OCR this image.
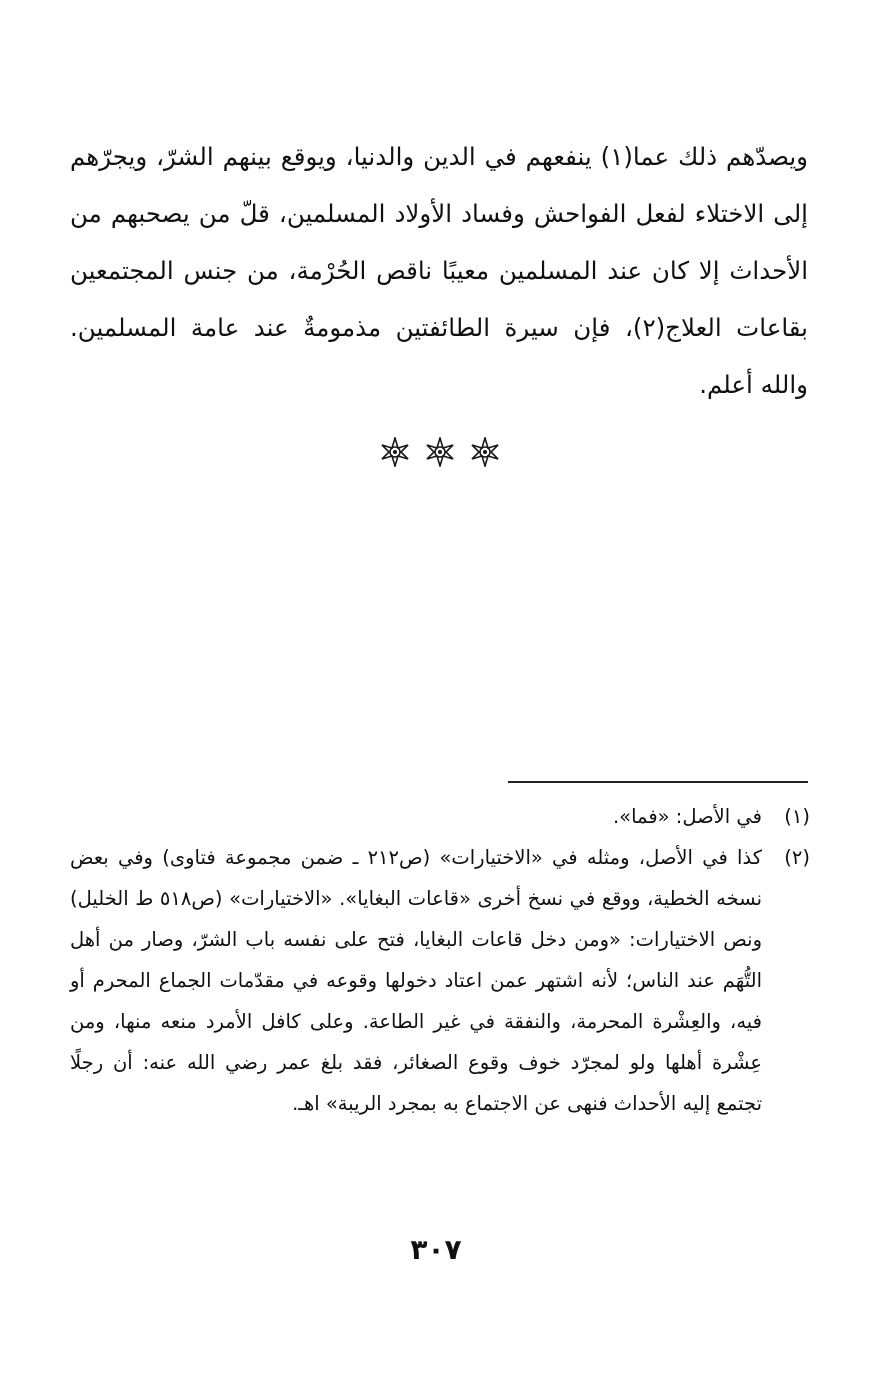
ويصدّهم ذلك عما(١) ينفعهم في الدين والدنيا، ويوقع بينهم الشرّ، ويجرّهم إلى الاختلاء لفعل الفواحش وفساد الأولاد المسلمين، قلّ من يصحبهم من الأحداث إلا كان عند المسلمين معيبًا ناقص الحُرْمة، من جنس المجتمعين بقاعات العلاج(٢)، فإن سيرة الطائفتين مذمومةٌ عند عامة المسلمين. والله أعلم.

(١)
في الأصل: «فما».
(٢)
كذا في الأصل، ومثله في «الاختيارات» (ص٢١٢ ـ ضمن مجموعة فتاوى) وفي بعض نسخه الخطية، ووقع في نسخ أخرى «قاعات البغايا». «الاختيارات» (ص٥١٨ ط الخليل) ونص الاختيارات: «ومن دخل قاعات البغايا، فتح على نفسه باب الشرّ، وصار من أهل التُّهَم عند الناس؛ لأنه اشتهر عمن اعتاد دخولها وقوعه في مقدّمات الجماع المحرم أو فيه، والعِشْرة المحرمة، والنفقة في غير الطاعة. وعلى كافل الأمرد منعه منها، ومن عِشْرة أهلها ولو لمجرّد خوف وقوع الصغائر، فقد بلغ عمر رضي الله عنه: أن رجلًا تجتمع إليه الأحداث فنهى عن الاجتماع به بمجرد الريبة» اهـ.
٣٠٧
